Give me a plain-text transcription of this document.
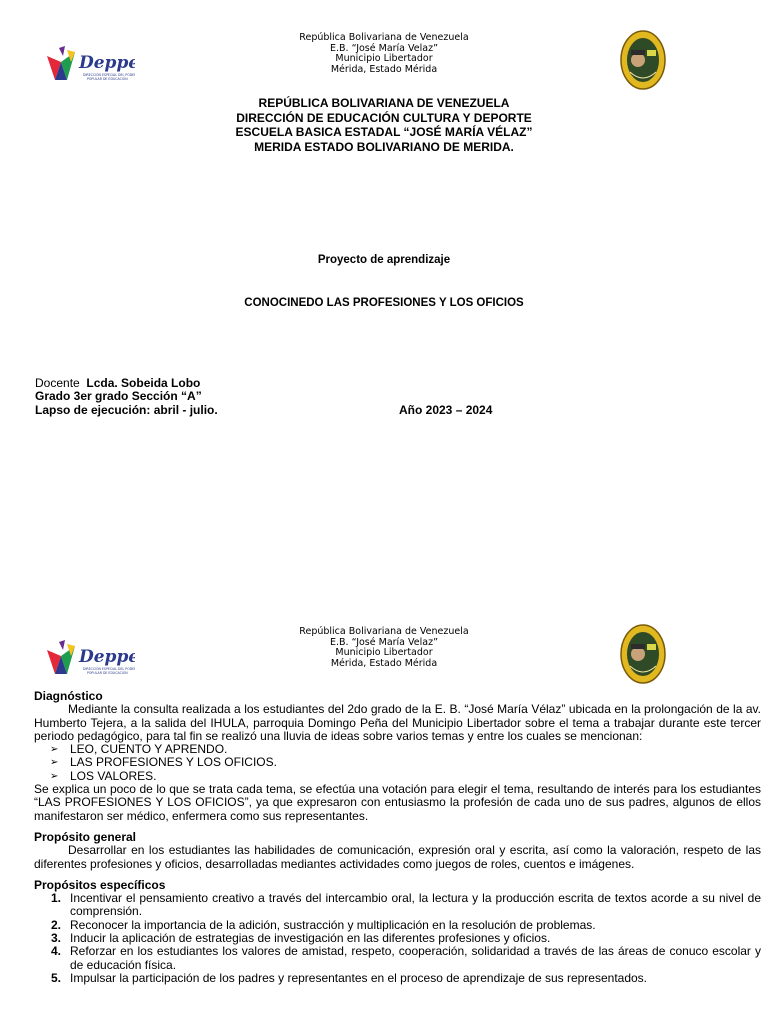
Deppe
DIRECCIÓN ESPECIAL DEL PODER
POPULAR DE EDUCACIÓN
República Bolivariana de Venezuela
E.B. “José María Velaz”
Municipio Libertador
Mérida, Estado Mérida
REPÚBLICA BOLIVARIANA DE VENEZUELA
DIRECCIÓN DE EDUCACIÓN CULTURA Y DEPORTE
ESCUELA BASICA ESTADAL “JOSÉ MARÍA VÉLAZ”
MERIDA ESTADO BOLIVARIANO DE MERIDA.
Proyecto de aprendizaje
CONOCINEDO LAS PROFESIONES Y LOS OFICIOS
Docente Lcda. Sobeida Lobo
Grado 3er grado Sección “A”
Lapso de ejecución: abril - julio.	Año 2023 – 2024
Deppe
DIRECCIÓN ESPECIAL DEL PODER
POPULAR DE EDUCACIÓN
República Bolivariana de Venezuela
E.B. “José María Velaz”
Municipio Libertador
Mérida, Estado Mérida

Diagnóstico

Mediante la consulta realizada a los estudiantes del 2do grado de la E. B. “José María Vélaz” ubicada en la prolongación de la av. Humberto Tejera, a la salida del IHULA, parroquia Domingo Peña del Municipio Libertador sobre el tema a trabajar durante este tercer periodo pedagógico, para tal fin se realizó una lluvia de ideas sobre varios temas y entre los cuales se mencionan:

➢ LEO, CUENTO Y APRENDO.
➢ LAS PROFESIONES Y LOS OFICIOS.
➢ LOS VALORES.

Se explica un poco de lo que se trata cada tema, se efectúa una votación para elegir el tema, resultando de interés para los estudiantes “LAS PROFESIONES Y LOS OFICIOS”, ya que expresaron con entusiasmo la profesión de cada uno de sus padres, algunos de ellos manifestaron ser médico, enfermera como sus representantes.

Propósito general

Desarrollar en los estudiantes las habilidades de comunicación, expresión oral y escrita, así como la valoración, respeto de las diferentes profesiones y oficios, desarrolladas mediantes actividades como juegos de roles, cuentos e imágenes.

Propósitos específicos

1. Incentivar el pensamiento creativo a través del intercambio oral, la lectura y la producción escrita de textos acorde a su nivel de comprensión.
2. Reconocer la importancia de la adición, sustracción y multiplicación en la resolución de problemas.
3. Inducir la aplicación de estrategias de investigación en las diferentes profesiones y oficios.
4. Reforzar en los estudiantes los valores de amistad, respeto, cooperación, solidaridad a través de las áreas de conuco escolar y de educación física.
5. Impulsar la participación de los padres y representantes en el proceso de aprendizaje de sus representados.
